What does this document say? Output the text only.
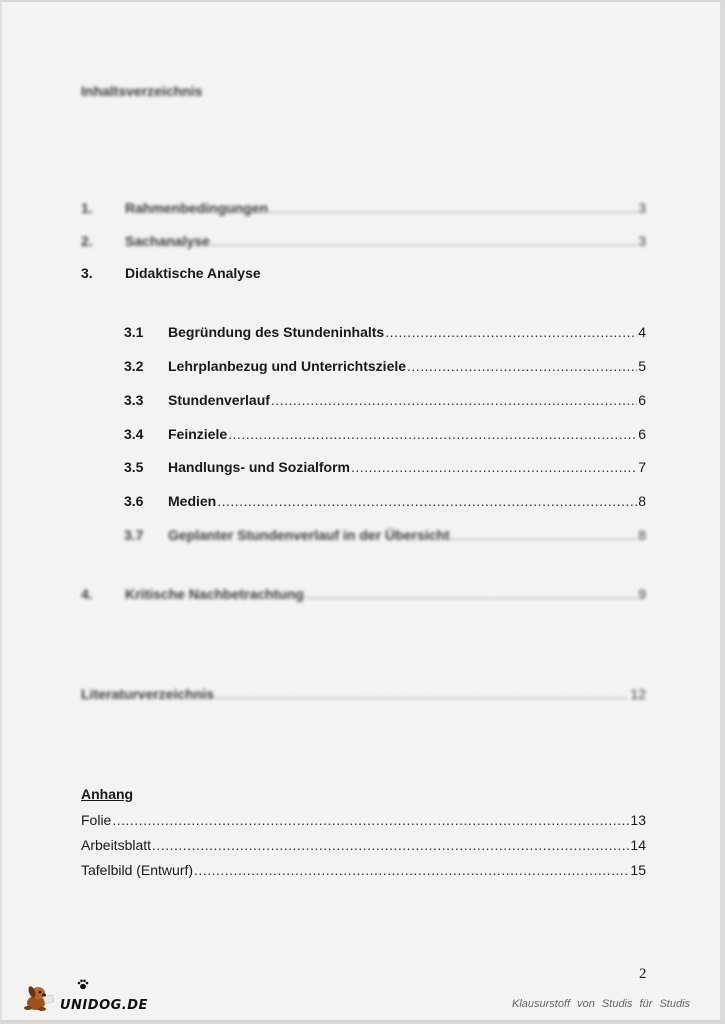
Inhaltsverzeichnis
1.	Rahmenbedingungen .....	3
2.	Sachanalyse .....	3
3.	Didaktische Analyse
3.1	Begründung des Stundeninhalts .....	4
3.2	Lehrplanbezug und Unterrichtsziele .....	5
3.3	Stundenverlauf .....	6
3.4	Feinziele .....	6
3.5	Handlungs- und Sozialform .....	7
3.6	Medien .....	8
3.7	Geplanter Stundenverlauf in der Übersicht .....	8
4.	Kritische Nachbetrachtung .....	9
Literaturverzeichnis .....	12
Anhang
Folie .....	13
Arbeitsblatt .....	14
Tafelbild (Entwurf) .....	15
2
UNIDOG.DE	Klausurstoff von Studis für Studis
